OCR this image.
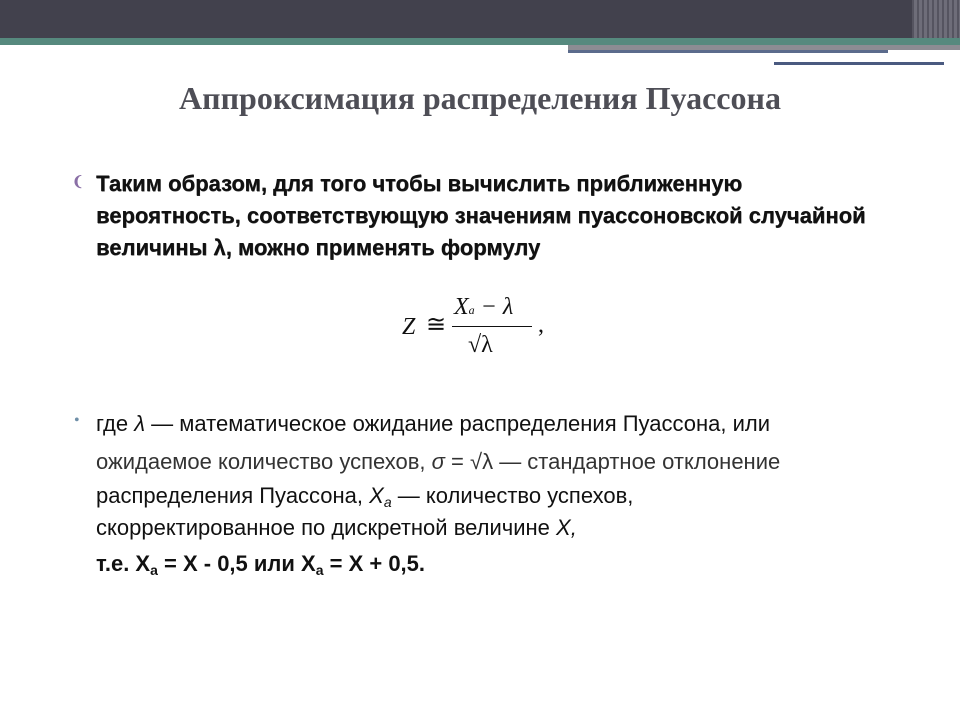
Аппроксимация распределения Пуассона
❨ Таким образом, для того чтобы вычислить приближенную
вероятность, соответствующую значениям пуассоновской случайной
величины λ, можно применять формулу
Z ≅
Xa − λ
√λ
,
• где λ — математическое ожидание распределения Пуассона, или
ожидаемое количество успехов, σ = √λ — стандартное отклонение
распределения Пуассона, $X_a$ — количество успехов,
скорректированное по дискретной величине X,
т.е. $X_a = X - 0,5$ или $X_a = X + 0,5$.
